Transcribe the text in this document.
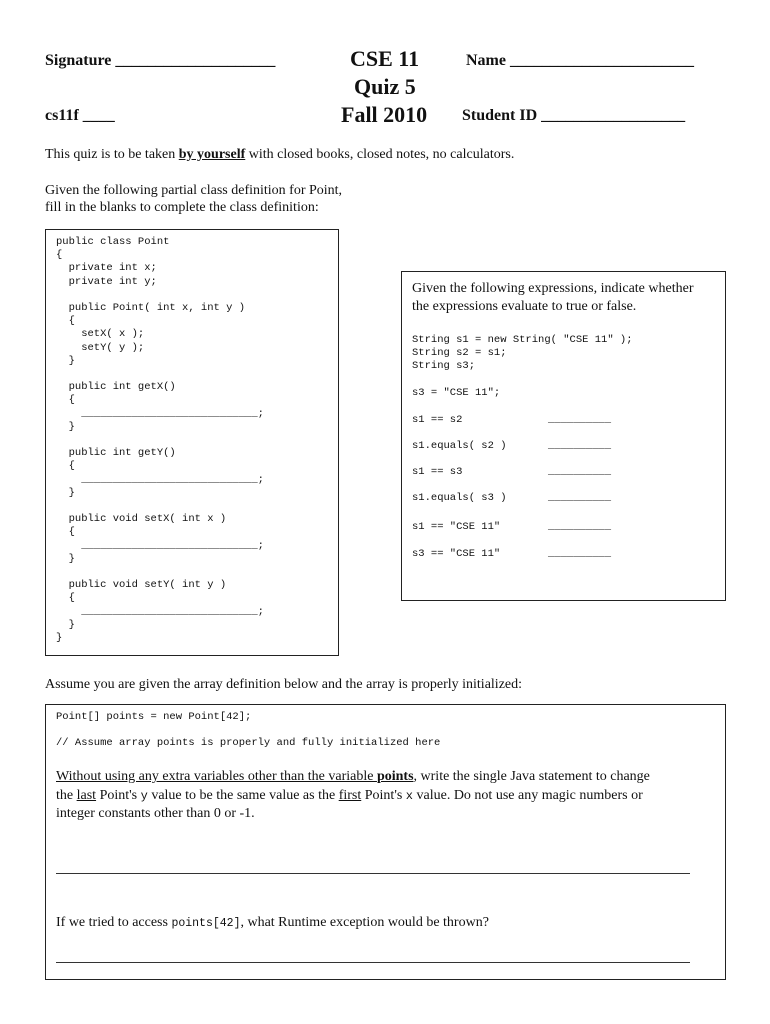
Signature ____________________	CSE 11
Quiz 5
Fall 2010
Name _______________________
cs11f ____	Student ID __________________
This quiz is to be taken by yourself with closed books, closed notes, no calculators.
Given the following partial class definition for Point,
fill in the blanks to complete the class definition:
public class Point
{
private int x;
private int y;
public Point( int x, int y )
{
setX( x );
setY( y );
}
public int getX()
{
____________________________;
}
public int getY()
{
____________________________;
}
public void setX( int x )
{
____________________________;
}
public void setY( int y )
{
____________________________;
}
}
Given the following expressions, indicate whether
the expressions evaluate to true or false.
String s1 = new String( "CSE 11" );
String s2 = s1;
String s3;
s3 = "CSE 11";
s1 == s2	__________
s1.equals( s2 )	__________
s1 == s3	__________
s1.equals( s3 )	__________
s1 == "CSE 11"	__________
s3 == "CSE 11"	__________
Assume you are given the array definition below and the array is properly initialized:
Point[] points = new Point[42];
// Assume array points is properly and fully initialized here
Without using any extra variables other than the variable points, write the single Java statement to change
the last Point's y value to be the same value as the first Point's x value. Do not use any magic numbers or
integer constants other than 0 or -1.
If we tried to access points[42], what Runtime exception would be thrown?
